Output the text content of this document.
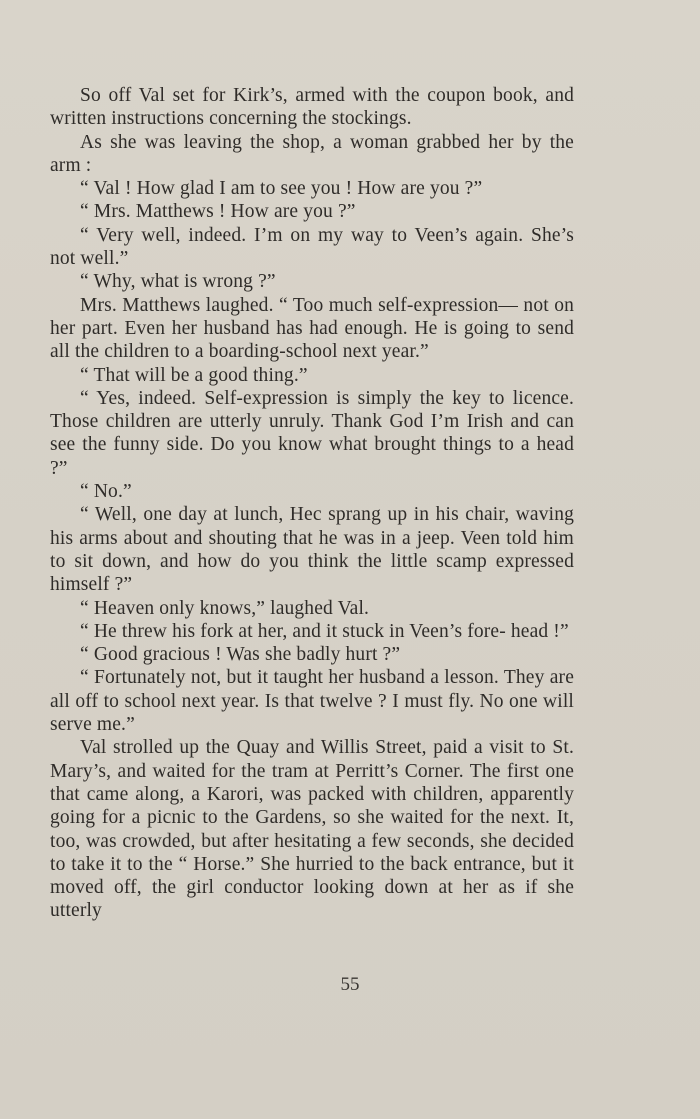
So off Val set for Kirk’s, armed with the coupon book, and written instructions concerning the stockings.

As she was leaving the shop, a woman grabbed her by the arm :

“ Val ! How glad I am to see you ! How are you ?”

“ Mrs. Matthews ! How are you ?”

“ Very well, indeed. I’m on my way to Veen’s again. She’s not well.”

“ Why, what is wrong ?”

Mrs. Matthews laughed. “ Too much self-expression— not on her part. Even her husband has had enough. He is going to send all the children to a boarding-school next year.”

“ That will be a good thing.”

“ Yes, indeed. Self-expression is simply the key to licence. Those children are utterly unruly. Thank God I’m Irish and can see the funny side. Do you know what brought things to a head ?”

“ No.”

“ Well, one day at lunch, Hec sprang up in his chair, waving his arms about and shouting that he was in a jeep. Veen told him to sit down, and how do you think the little scamp expressed himself ?”

“ Heaven only knows,” laughed Val.

“ He threw his fork at her, and it stuck in Veen’s fore- head !”

“ Good gracious ! Was she badly hurt ?”

“ Fortunately not, but it taught her husband a lesson. They are all off to school next year. Is that twelve ? I must fly. No one will serve me.”

Val strolled up the Quay and Willis Street, paid a visit to St. Mary’s, and waited for the tram at Perritt’s Corner. The first one that came along, a Karori, was packed with children, apparently going for a picnic to the Gardens, so she waited for the next. It, too, was crowded, but after hesitating a few seconds, she decided to take it to the “ Horse.” She hurried to the back entrance, but it moved off, the girl conductor looking down at her as if she utterly

55
